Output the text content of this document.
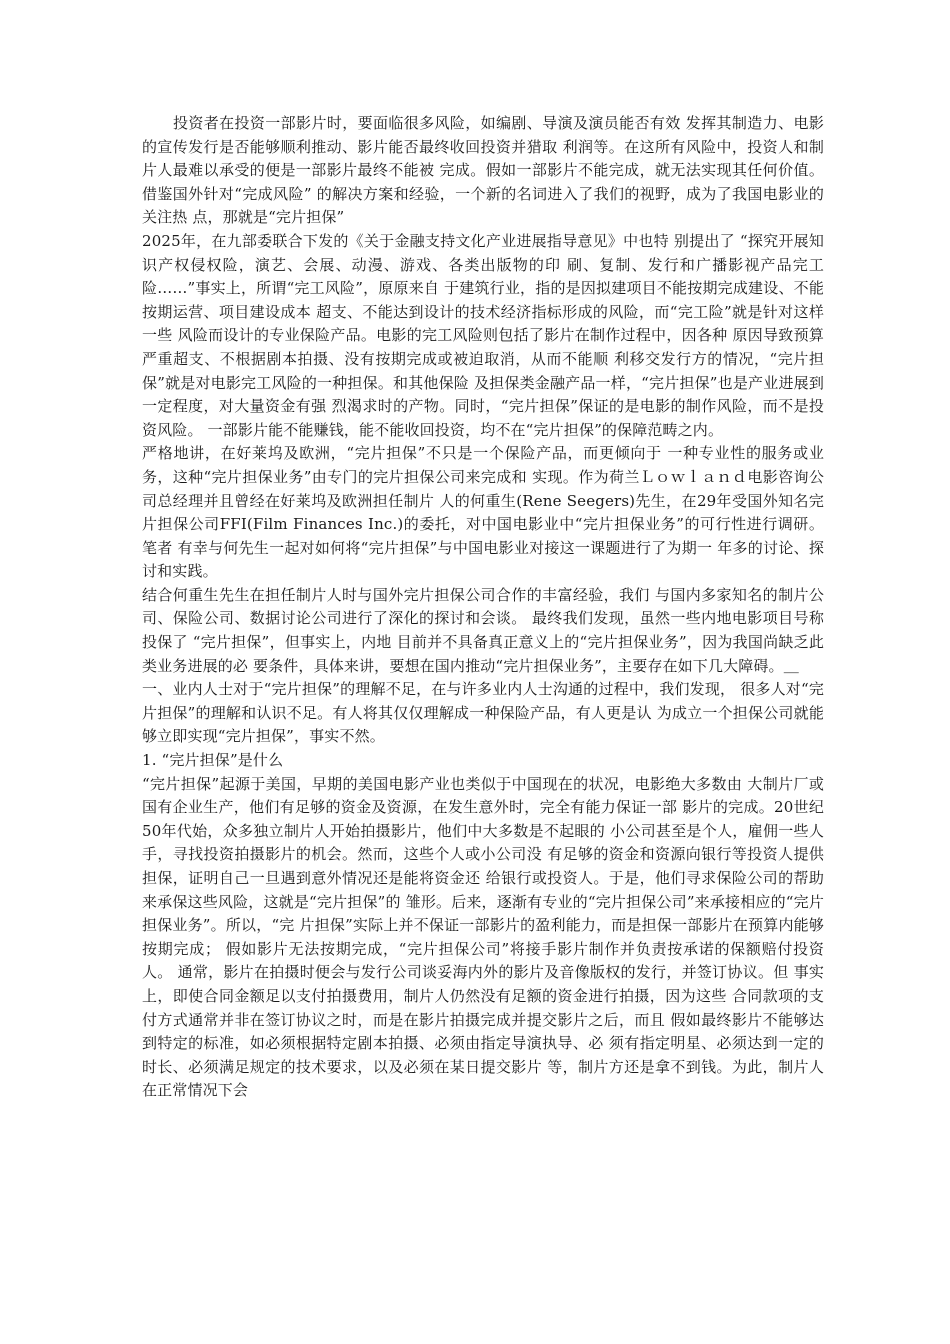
投资者在投资一部影片时，要面临很多风险，如编剧、导演及演员能否有效 发挥其制造力、电影的宣传发行是否能够顺利推动、影片能否最终收回投资并猎取 利润等。在这所有风险中，投资人和制片人最难以承受的便是一部影片最终不能被 完成。假如一部影片不能完成，就无法实现其任何价值。借鉴国外针对“完成风险” 的解决方案和经验，一个新的名词进入了我们的视野，成为了我国电影业的关注热 点，那就是“完片担保”

2025年，在九部委联合下发的《关于金融支持文化产业进展指导意见》中也特 别提出了 “探究开展知识产权侵权险，演艺、会展、动漫、游戏、各类出版物的印 刷、复制、发行和广播影视产品完工险……”事实上，所谓“完工风险”，原原来自 于建筑行业，指的是因拟建项目不能按期完成建设、不能按期运营、项目建设成本 超支、不能达到设计的技术经济指标形成的风险，而“完工险”就是针对这样一些 风险而设计的专业保险产品。电影的完工风险则包括了影片在制作过程中，因各种 原因导致预算严重超支、不根据剧本拍摄、没有按期完成或被迫取消，从而不能顺 利移交发行方的情况，“完片担保”就是对电影完工风险的一种担保。和其他保险 及担保类金融产品一样，“完片担保”也是产业进展到一定程度，对大量资金有强 烈渴求时的产物。同时，“完片担保”保证的是电影的制作风险，而不是投资风险。 一部影片能不能赚钱，能不能收回投资，均不在“完片担保”的保障范畴之内。

严格地讲，在好莱坞及欧洲，“完片担保”不只是一个保险产品，而更倾向于 一种专业性的服务或业务，这种“完片担保业务”由专门的完片担保公司来完成和 实现。作为荷兰Ｌｏｗｌａｎｄ电影咨询公司总经理并且曾经在好莱坞及欧洲担任制片 人的何重生(Rene Seegers)先生，在29年受国外知名完片担保公司FFI(Film Finances Inc.)的委托，对中国电影业中“完片担保业务”的可行性进行调研。笔者 有幸与何先生一起对如何将“完片担保”与中国电影业对接这一课题进行了为期一 年多的讨论、探讨和实践。

结合何重生先生在担任制片人时与国外完片担保公司合作的丰富经验，我们 与国内多家知名的制片公司、保险公司、数据讨论公司进行了深化的探讨和会谈。 最终我们发现，虽然一些内地电影项目号称投保了 “完片担保”，但事实上，内地 目前并不具备真正意义上的“完片担保业务”，因为我国尚缺乏此类业务进展的必 要条件，具体来讲，要想在国内推动“完片担保业务”，主要存在如下几大障碍。＿

一、业内人士对于“完片担保”的理解不足，在与许多业内人士沟通的过程中，我们发现， 很多人对“完片担保”的理解和认识不足。有人将其仅仅理解成一种保险产品，有人更是认 为成立一个担保公司就能够立即实现“完片担保”，事实不然。

1. “完片担保”是什么

“完片担保”起源于美国，早期的美国电影产业也类似于中国现在的状况，电影绝大多数由 大制片厂或国有企业生产，他们有足够的资金及资源，在发生意外时，完全有能力保证一部 影片的完成。20世纪50年代始，众多独立制片人开始拍摄影片，他们中大多数是不起眼的 小公司甚至是个人，雇佣一些人手，寻找投资拍摄影片的机会。然而，这些个人或小公司没 有足够的资金和资源向银行等投资人提供担保，证明自己一旦遇到意外情况还是能将资金还 给银行或投资人。于是，他们寻求保险公司的帮助来承保这些风险，这就是“完片担保”的 雏形。后来，逐渐有专业的“完片担保公司”来承接相应的“完片担保业务”。所以，“完 片担保”实际上并不保证一部影片的盈利能力，而是担保一部影片在预算内能够按期完成； 假如影片无法按期完成，“完片担保公司”将接手影片制作并负责按承诺的保额赔付投资人。 通常，影片在拍摄时便会与发行公司谈妥海内外的影片及音像版权的发行，并签订协议。但 事实上，即使合同金额足以支付拍摄费用，制片人仍然没有足额的资金进行拍摄，因为这些 合同款项的支付方式通常并非在签订协议之时，而是在影片拍摄完成并提交影片之后，而且 假如最终影片不能够达到特定的标准，如必须根据特定剧本拍摄、必须由指定导演执导、必 须有指定明星、必须达到一定的时长、必须满足规定的技术要求，以及必须在某日提交影片 等，制片方还是拿不到钱。为此，制片人在正常情况下会
